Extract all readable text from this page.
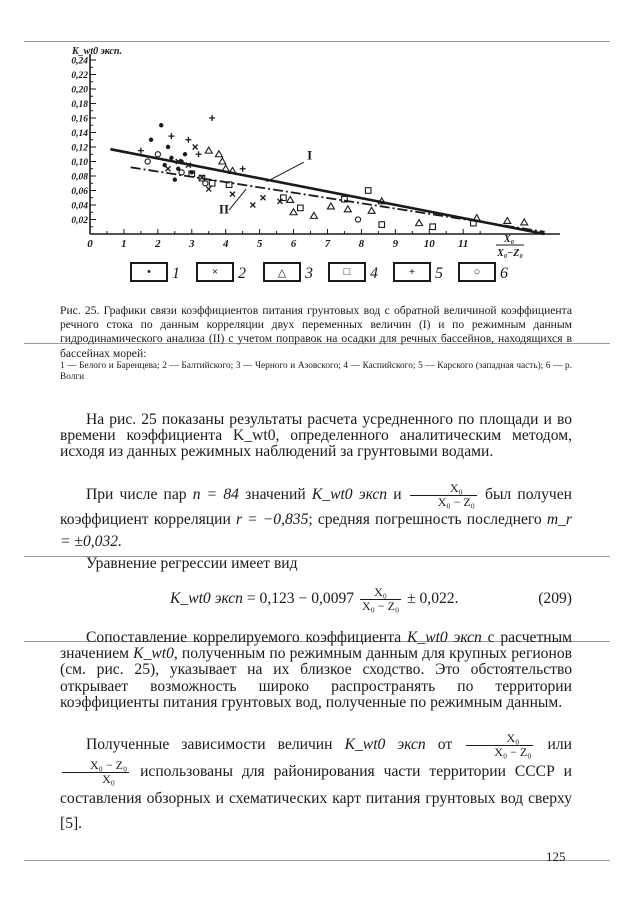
0,02
0,04
0,06
0,08
0,10
0,12
0,14
0,16
0,18
0,20
0,22
0,24
0	1	2	3	4	5	6	7	8	9 10 11
I
II
K_wt0 эксп.
X₀
X₀−Z₀
•	1	×	2	△	3	□	4	+	5	○	6
Рис. 25. Графики связи коэффициентов питания грунтовых вод с обратной величиной коэффициента речного стока по данным корреляции двух переменных величин (I) и по режимным данным гидродинамического анализа (II) с учетом поправок на осадки для речных бассейнов, находящихся в бассейнах морей:
1 — Белого и Баренцева; 2 — Балтийского; 3 — Черного и Азовского; 4 — Каспийского; 5 — Карского (западная часть); 6 — р. Волги
На рис. 25 показаны результаты расчета усредненного по площади и во времени коэффициента K_wt0, определенного аналитическим методом, исходя из данных режимных наблюдений за грунтовыми водами.
При числе пар n = 84 значений K_wt0 эксп и $\frac{\text{X₀}}{\text{X₀ − Z₀}}$ был получен коэффициент корреляции r = −0,835; средняя погрешность последнего m_r = ±0,032.
Уравнение регрессии имеет вид
K_wt0 эксп = $0,123 - 0,0097 \frac{\text{X₀}}{\text{X₀ − Z₀}} \pm 0,022$.	(209)
Сопоставление коррелируемого коэффициента K_wt0 эксп с расчетным значением K_wt0, полученным по режимным данным для крупных регионов (см. рис. 25), указывает на их близкое сходство. Это обстоятельство открывает возможность широко распространять по территории коэффициенты питания грунтовых вод, полученные по режимным данным.
Полученные зависимости величин K_wt0 эксп от $\frac{\text{X₀}}{\text{X₀ − Z₀}}$ или
$\frac{\text{X₀ − Z₀}}{\text{X₀}}$ использованы для районирования части территории СССР и составления обзорных и схематических карт питания грунтовых вод сверху [5].
125
